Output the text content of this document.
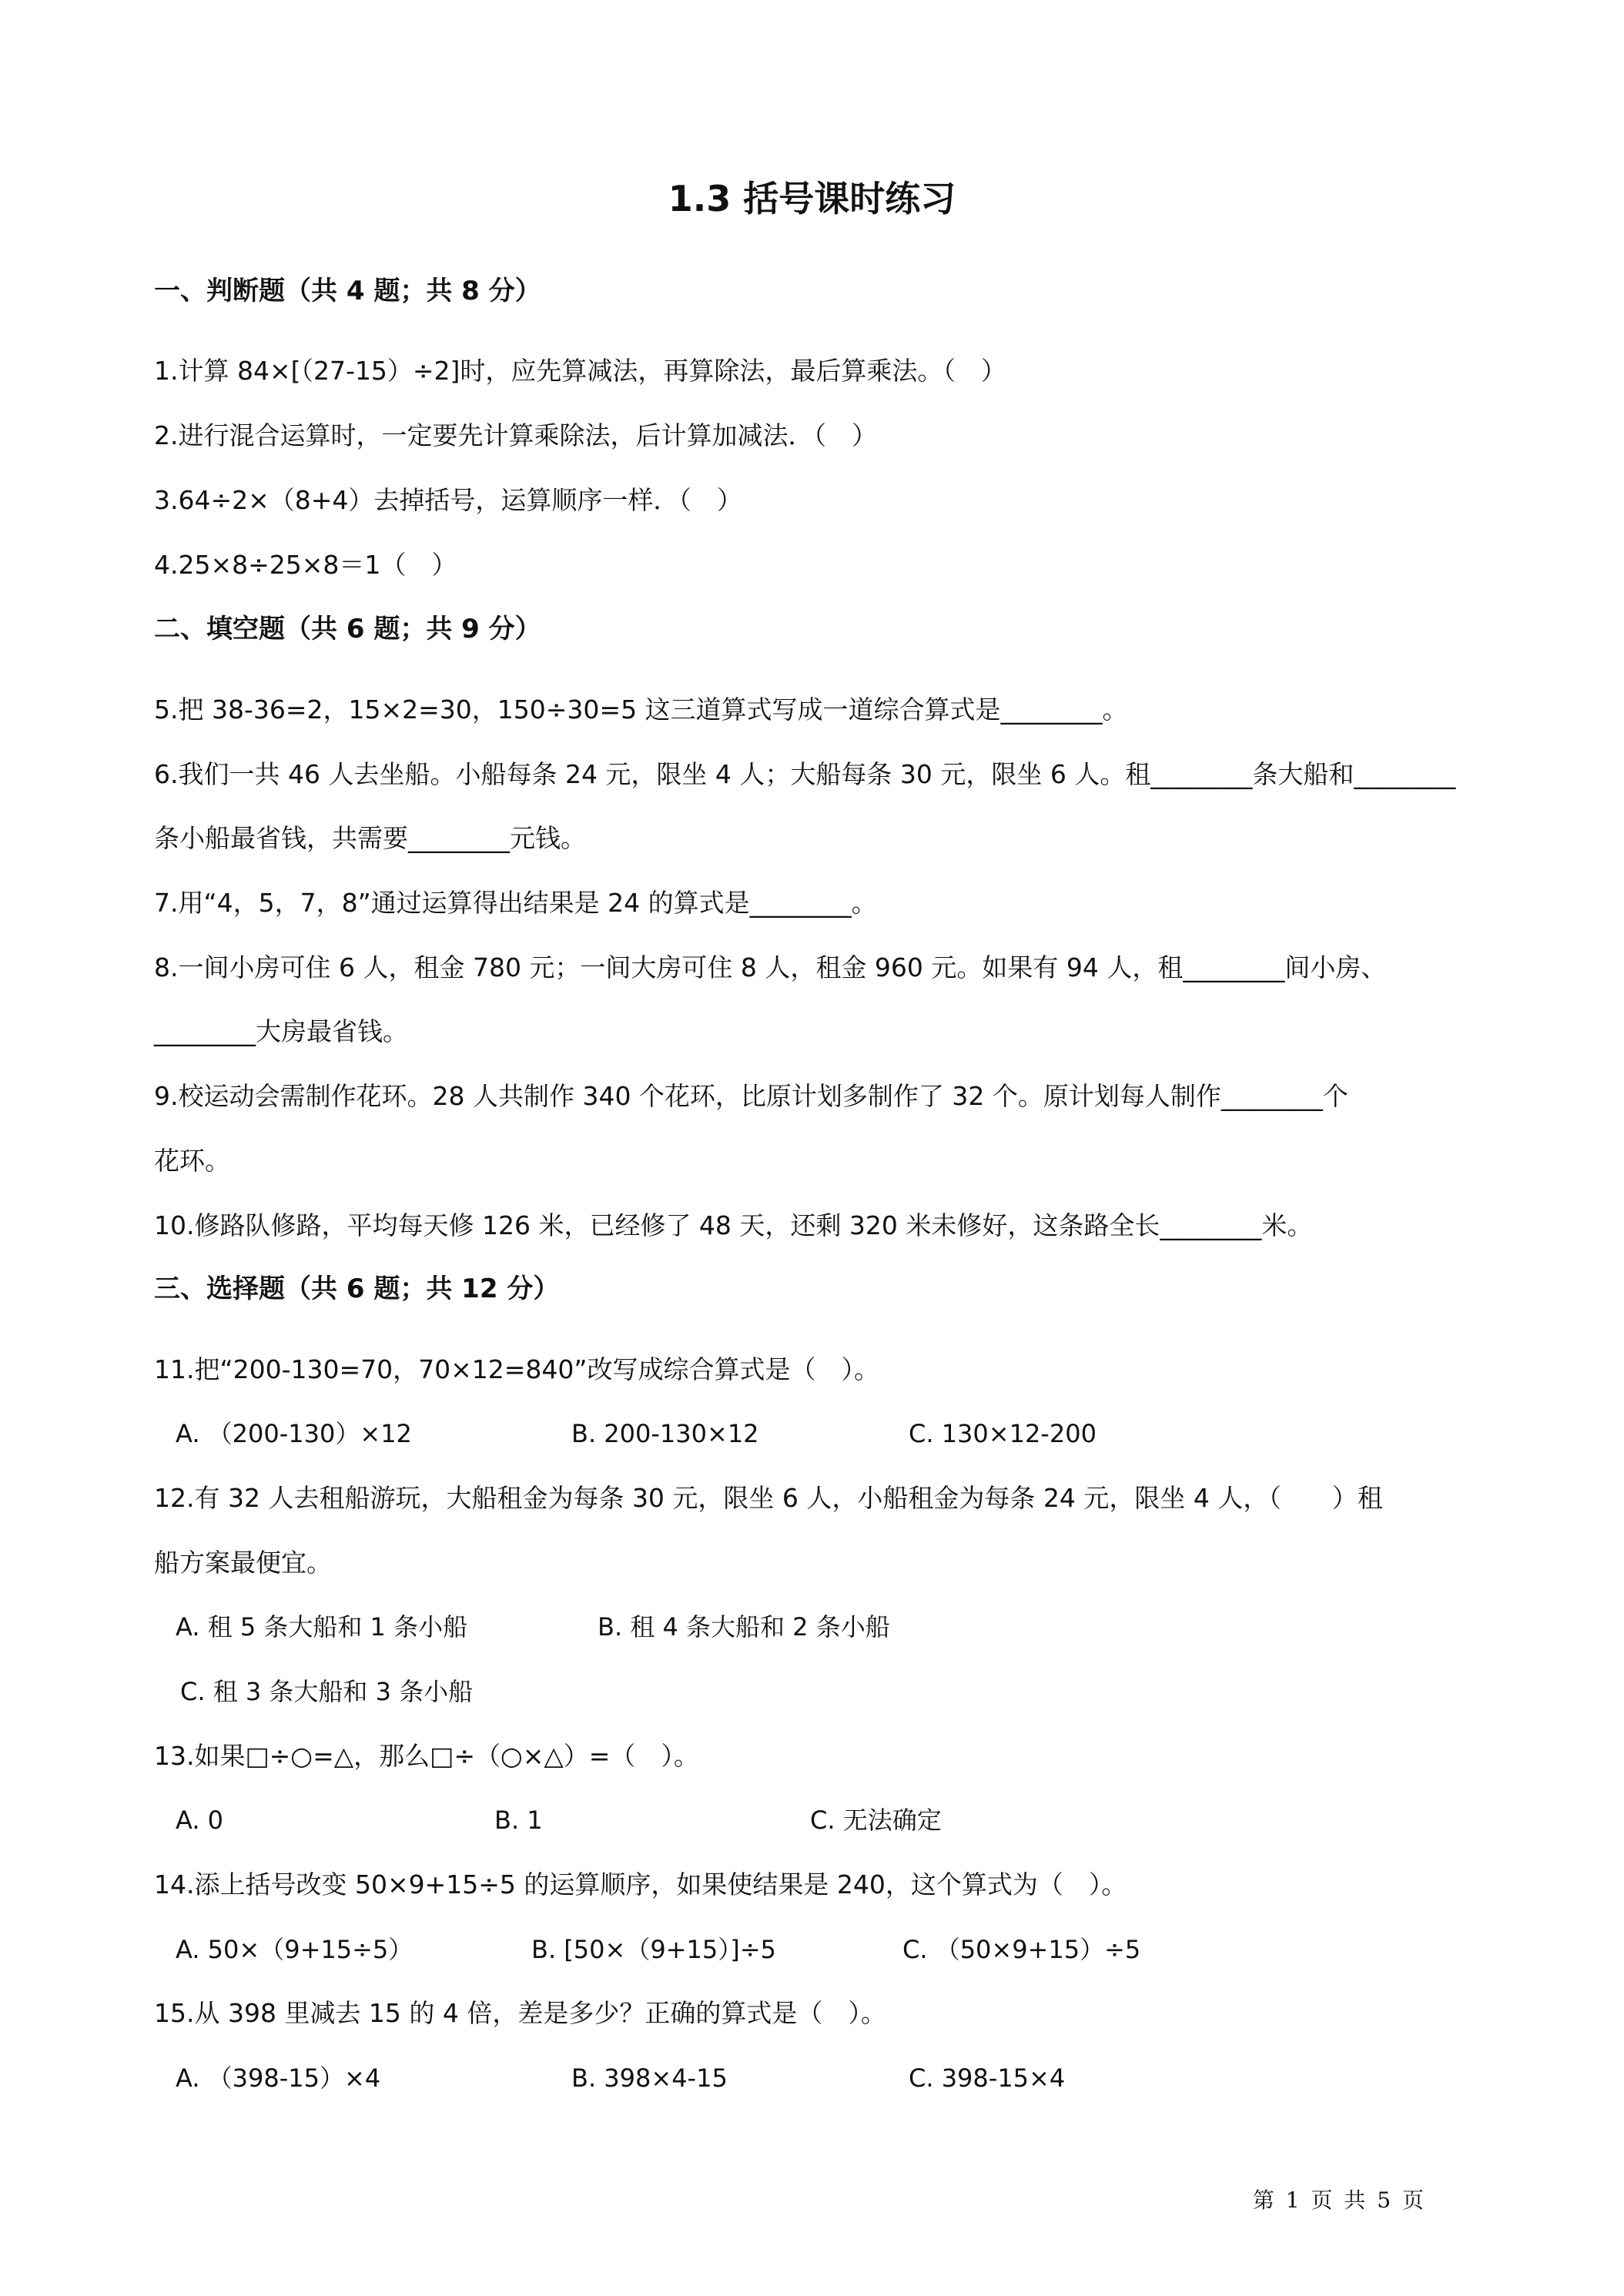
1.3 括号课时练习
一、判断题（共 4 题；共 8 分）
1.计算 84×[（27-15）÷2]时，应先算减法，再算除法，最后算乘法。（　）
2.进行混合运算时，一定要先计算乘除法，后计算加减法．（　）
3.64÷2×（8+4）去掉括号，运算顺序一样．（　）
4.25×8÷25×8＝1（　）
二、填空题（共 6 题；共 9 分）
5.把 38-36=2，15×2=30，150÷30=5 这三道算式写成一道综合算式是________。
6.我们一共 46 人去坐船。小船每条 24 元，限坐 4 人；大船每条 30 元，限坐 6 人。租________条大船和________
条小船最省钱，共需要________元钱。
7.用“4，5，7，8”通过运算得出结果是 24 的算式是________。
8.一间小房可住 6 人，租金 780 元；一间大房可住 8 人，租金 960 元。如果有 94 人，租________间小房、
________大房最省钱。
9.校运动会需制作花环。28 人共制作 340 个花环，比原计划多制作了 32 个。原计划每人制作________个
花环。
10.修路队修路，平均每天修 126 米，已经修了 48 天，还剩 320 米未修好，这条路全长________米。
三、选择题（共 6 题；共 12 分）
11.把“200-130=70，70×12=840”改写成综合算式是（　）。
A. （200-130）×12	B. 200-130×12	C. 130×12-200
12.有 32 人去租船游玩，大船租金为每条 30 元，限坐 6 人，小船租金为每条 24 元，限坐 4 人，（　　）租
船方案最便宜。
A. 租 5 条大船和 1 条小船	B. 租 4 条大船和 2 条小船
C. 租 3 条大船和 3 条小船
13.如果□÷○=△，那么□÷（○×△）=（　）。
A. 0	B. 1	C. 无法确定
14.添上括号改变 50×9+15÷5 的运算顺序，如果使结果是 240，这个算式为（　）。
A. 50×（9+15÷5）	B. [50×（9+15）]÷5	C. （50×9+15）÷5
15.从 398 里减去 15 的 4 倍，差是多少？正确的算式是（　）。
A. （398-15）×4	B. 398×4-15	C. 398-15×4
第 1 页 共 5 页
